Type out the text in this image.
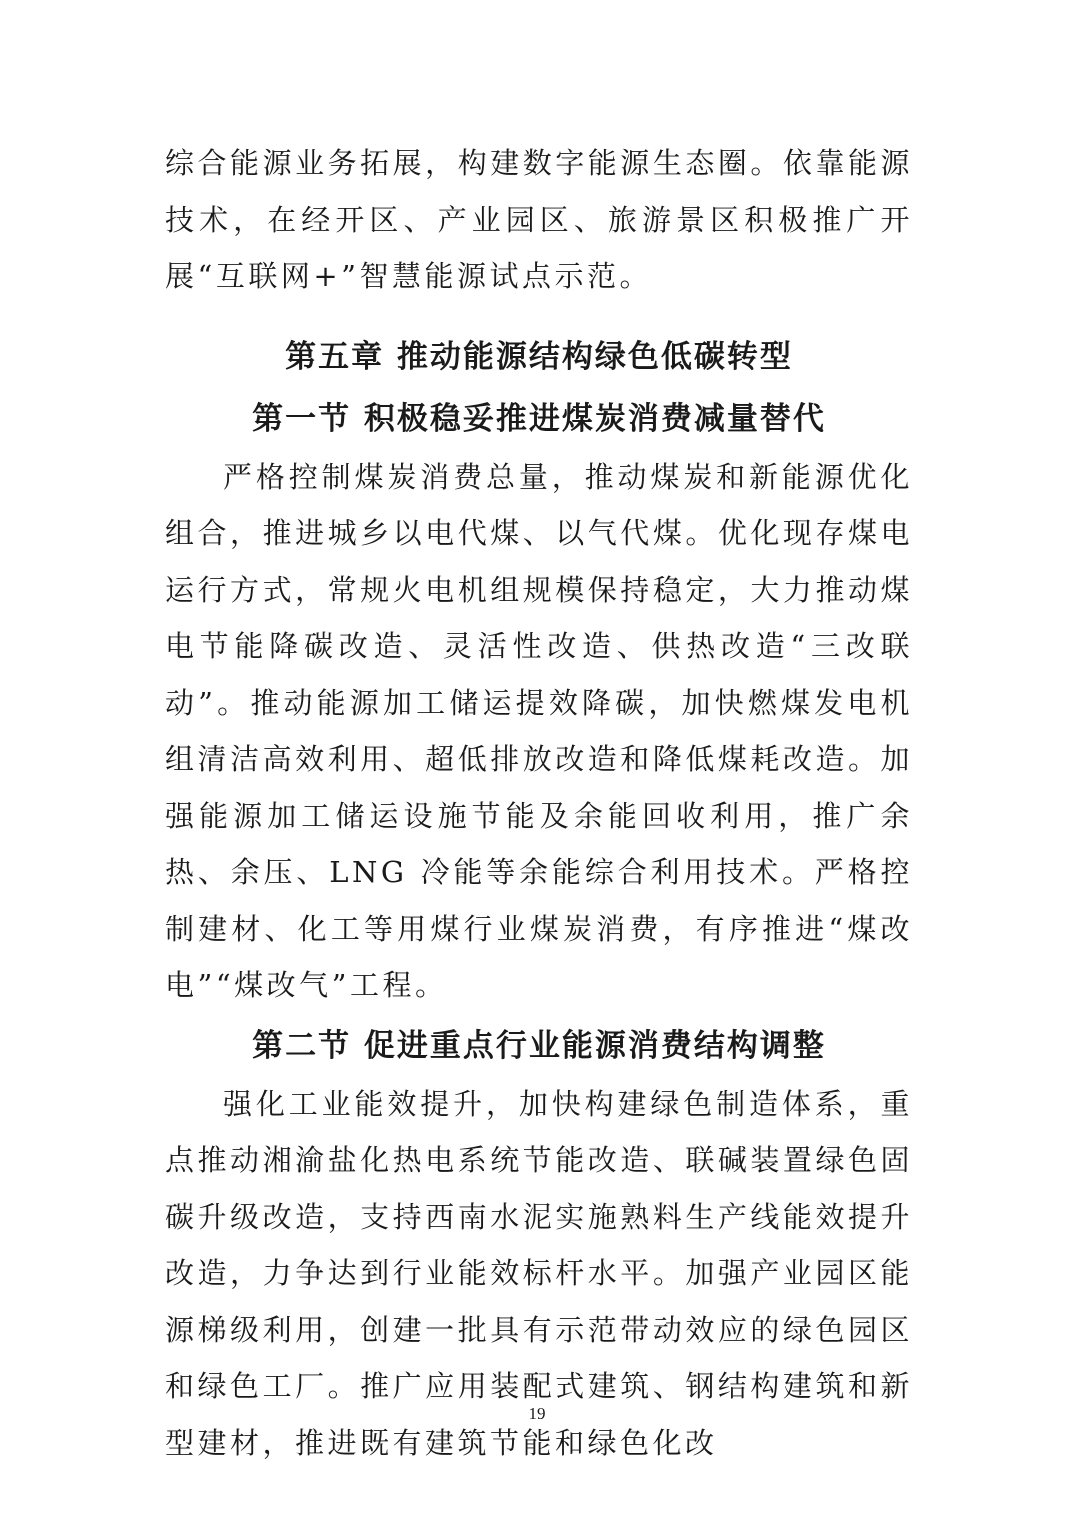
综合能源业务拓展，构建数字能源生态圈。依靠能源技术，在经开区、产业园区、旅游景区积极推广开展“互联网+”智慧能源试点示范。

第五章 推动能源结构绿色低碳转型
第一节 积极稳妥推进煤炭消费减量替代

严格控制煤炭消费总量，推动煤炭和新能源优化组合，推进城乡以电代煤、以气代煤。优化现存煤电运行方式，常规火电机组规模保持稳定，大力推动煤电节能降碳改造、灵活性改造、供热改造“三改联动”。推动能源加工储运提效降碳，加快燃煤发电机组清洁高效利用、超低排放改造和降低煤耗改造。加强能源加工储运设施节能及余能回收利用，推广余热、余压、LNG 冷能等余能综合利用技术。严格控制建材、化工等用煤行业煤炭消费，有序推进“煤改电”“煤改气”工程。

第二节 促进重点行业能源消费结构调整

强化工业能效提升，加快构建绿色制造体系，重点推动湘渝盐化热电系统节能改造、联碱装置绿色固碳升级改造，支持西南水泥实施熟料生产线能效提升改造，力争达到行业能效标杆水平。加强产业园区能源梯级利用，创建一批具有示范带动效应的绿色园区和绿色工厂。推广应用装配式建筑、钢结构建筑和新型建材，推进既有建筑节能和绿色化改

19
